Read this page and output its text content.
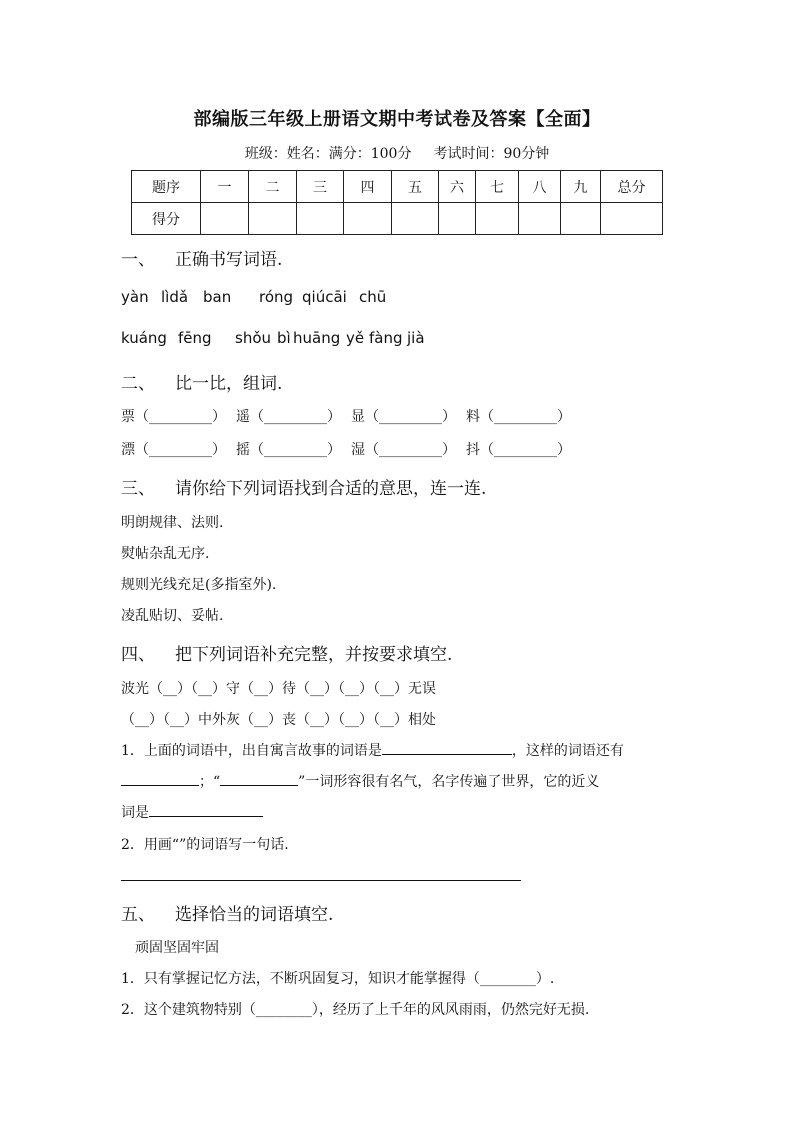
部编版三年级上册语文期中考试卷及答案【全面】
班级：姓名：满分：100分 考试时间：90分钟
题序	一	二	三	四	五	六	七	八	九	总分
得分										
一、 正确书写词语.
yàn lìdǎ ban róng qiúcāi chū
kuáng fēng shǒu bì huāng yě fàng jià
二、 比一比，组词.
票（_________） 遥（_________） 显（_________） 料（_________）
漂（_________） 摇（_________） 湿（_________） 抖（_________）
三、 请你给下列词语找到合适的意思，连一连.
明朗规律、法则.
熨帖杂乱无序.
规则光线充足(多指室外).
凌乱贴切、妥帖.
四、 把下列词语补充完整，并按要求填空.
波光（__）（__）守（__）待（__）（__）（__）无误
（__）（__）中外灰（__）丧（__）（__）（__）相处
1．上面的词语中，出自寓言故事的词语是	，这样的词语还有
；“	”一词形容很有名气，名字传遍了世界，它的近义
词是
2．用画“”的词语写一句话.
五、 选择恰当的词语填空.
顽固坚固牢固
1．只有掌握记忆方法，不断巩固复习，知识才能掌握得（________）.
2．这个建筑物特别（________），经历了上千年的风风雨雨，仍然完好无损.
